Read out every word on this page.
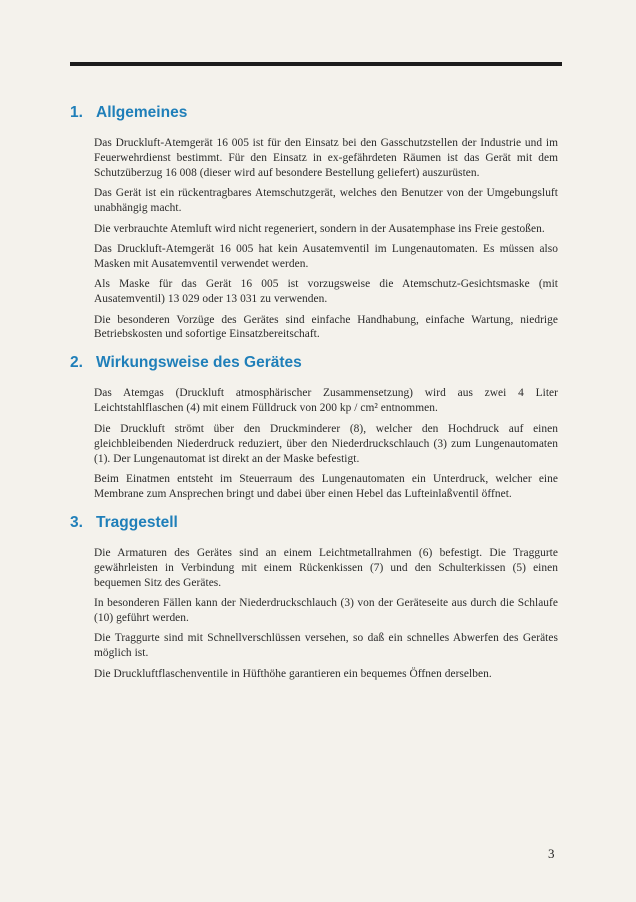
1. Allgemeines

Das Druckluft-Atemgerät 16 005 ist für den Einsatz bei den Gasschutzstellen der Industrie und im Feuerwehrdienst bestimmt. Für den Einsatz in ex-gefährdeten Räumen ist das Gerät mit dem Schutzüberzug 16 008 (dieser wird auf besondere Bestellung geliefert) auszurüsten.

Das Gerät ist ein rückentragbares Atemschutzgerät, welches den Benutzer von der Umgebungsluft unabhängig macht.

Die verbrauchte Atemluft wird nicht regeneriert, sondern in der Ausatemphase ins Freie gestoßen.

Das Druckluft-Atemgerät 16 005 hat kein Ausatemventil im Lungenautomaten. Es müssen also Masken mit Ausatemventil verwendet werden.

Als Maske für das Gerät 16 005 ist vorzugsweise die Atemschutz-Gesichtsmaske (mit Ausatemventil) 13 029 oder 13 031 zu verwenden.

Die besonderen Vorzüge des Gerätes sind einfache Handhabung, einfache Wartung, niedrige Betriebskosten und sofortige Einsatzbereitschaft.

2. Wirkungsweise des Gerätes

Das Atemgas (Druckluft atmosphärischer Zusammensetzung) wird aus zwei 4 Liter Leichtstahlflaschen (4) mit einem Fülldruck von 200 kp / cm² entnommen.

Die Druckluft strömt über den Druckminderer (8), welcher den Hochdruck auf einen gleichbleibenden Niederdruck reduziert, über den Niederdruckschlauch (3) zum Lungenautomaten (1). Der Lungenautomat ist direkt an der Maske befestigt.

Beim Einatmen entsteht im Steuerraum des Lungenautomaten ein Unterdruck, welcher eine Membrane zum Ansprechen bringt und dabei über einen Hebel das Lufteinlaßventil öffnet.

3. Traggestell

Die Armaturen des Gerätes sind an einem Leichtmetallrahmen (6) befestigt. Die Traggurte gewährleisten in Verbindung mit einem Rückenkissen (7) und den Schulterkissen (5) einen bequemen Sitz des Gerätes.

In besonderen Fällen kann der Niederdruckschlauch (3) von der Geräteseite aus durch die Schlaufe (10) geführt werden.

Die Traggurte sind mit Schnellverschlüssen versehen, so daß ein schnelles Abwerfen des Gerätes möglich ist.

Die Druckluftflaschenventile in Hüfthöhe garantieren ein bequemes Öffnen derselben.

3
